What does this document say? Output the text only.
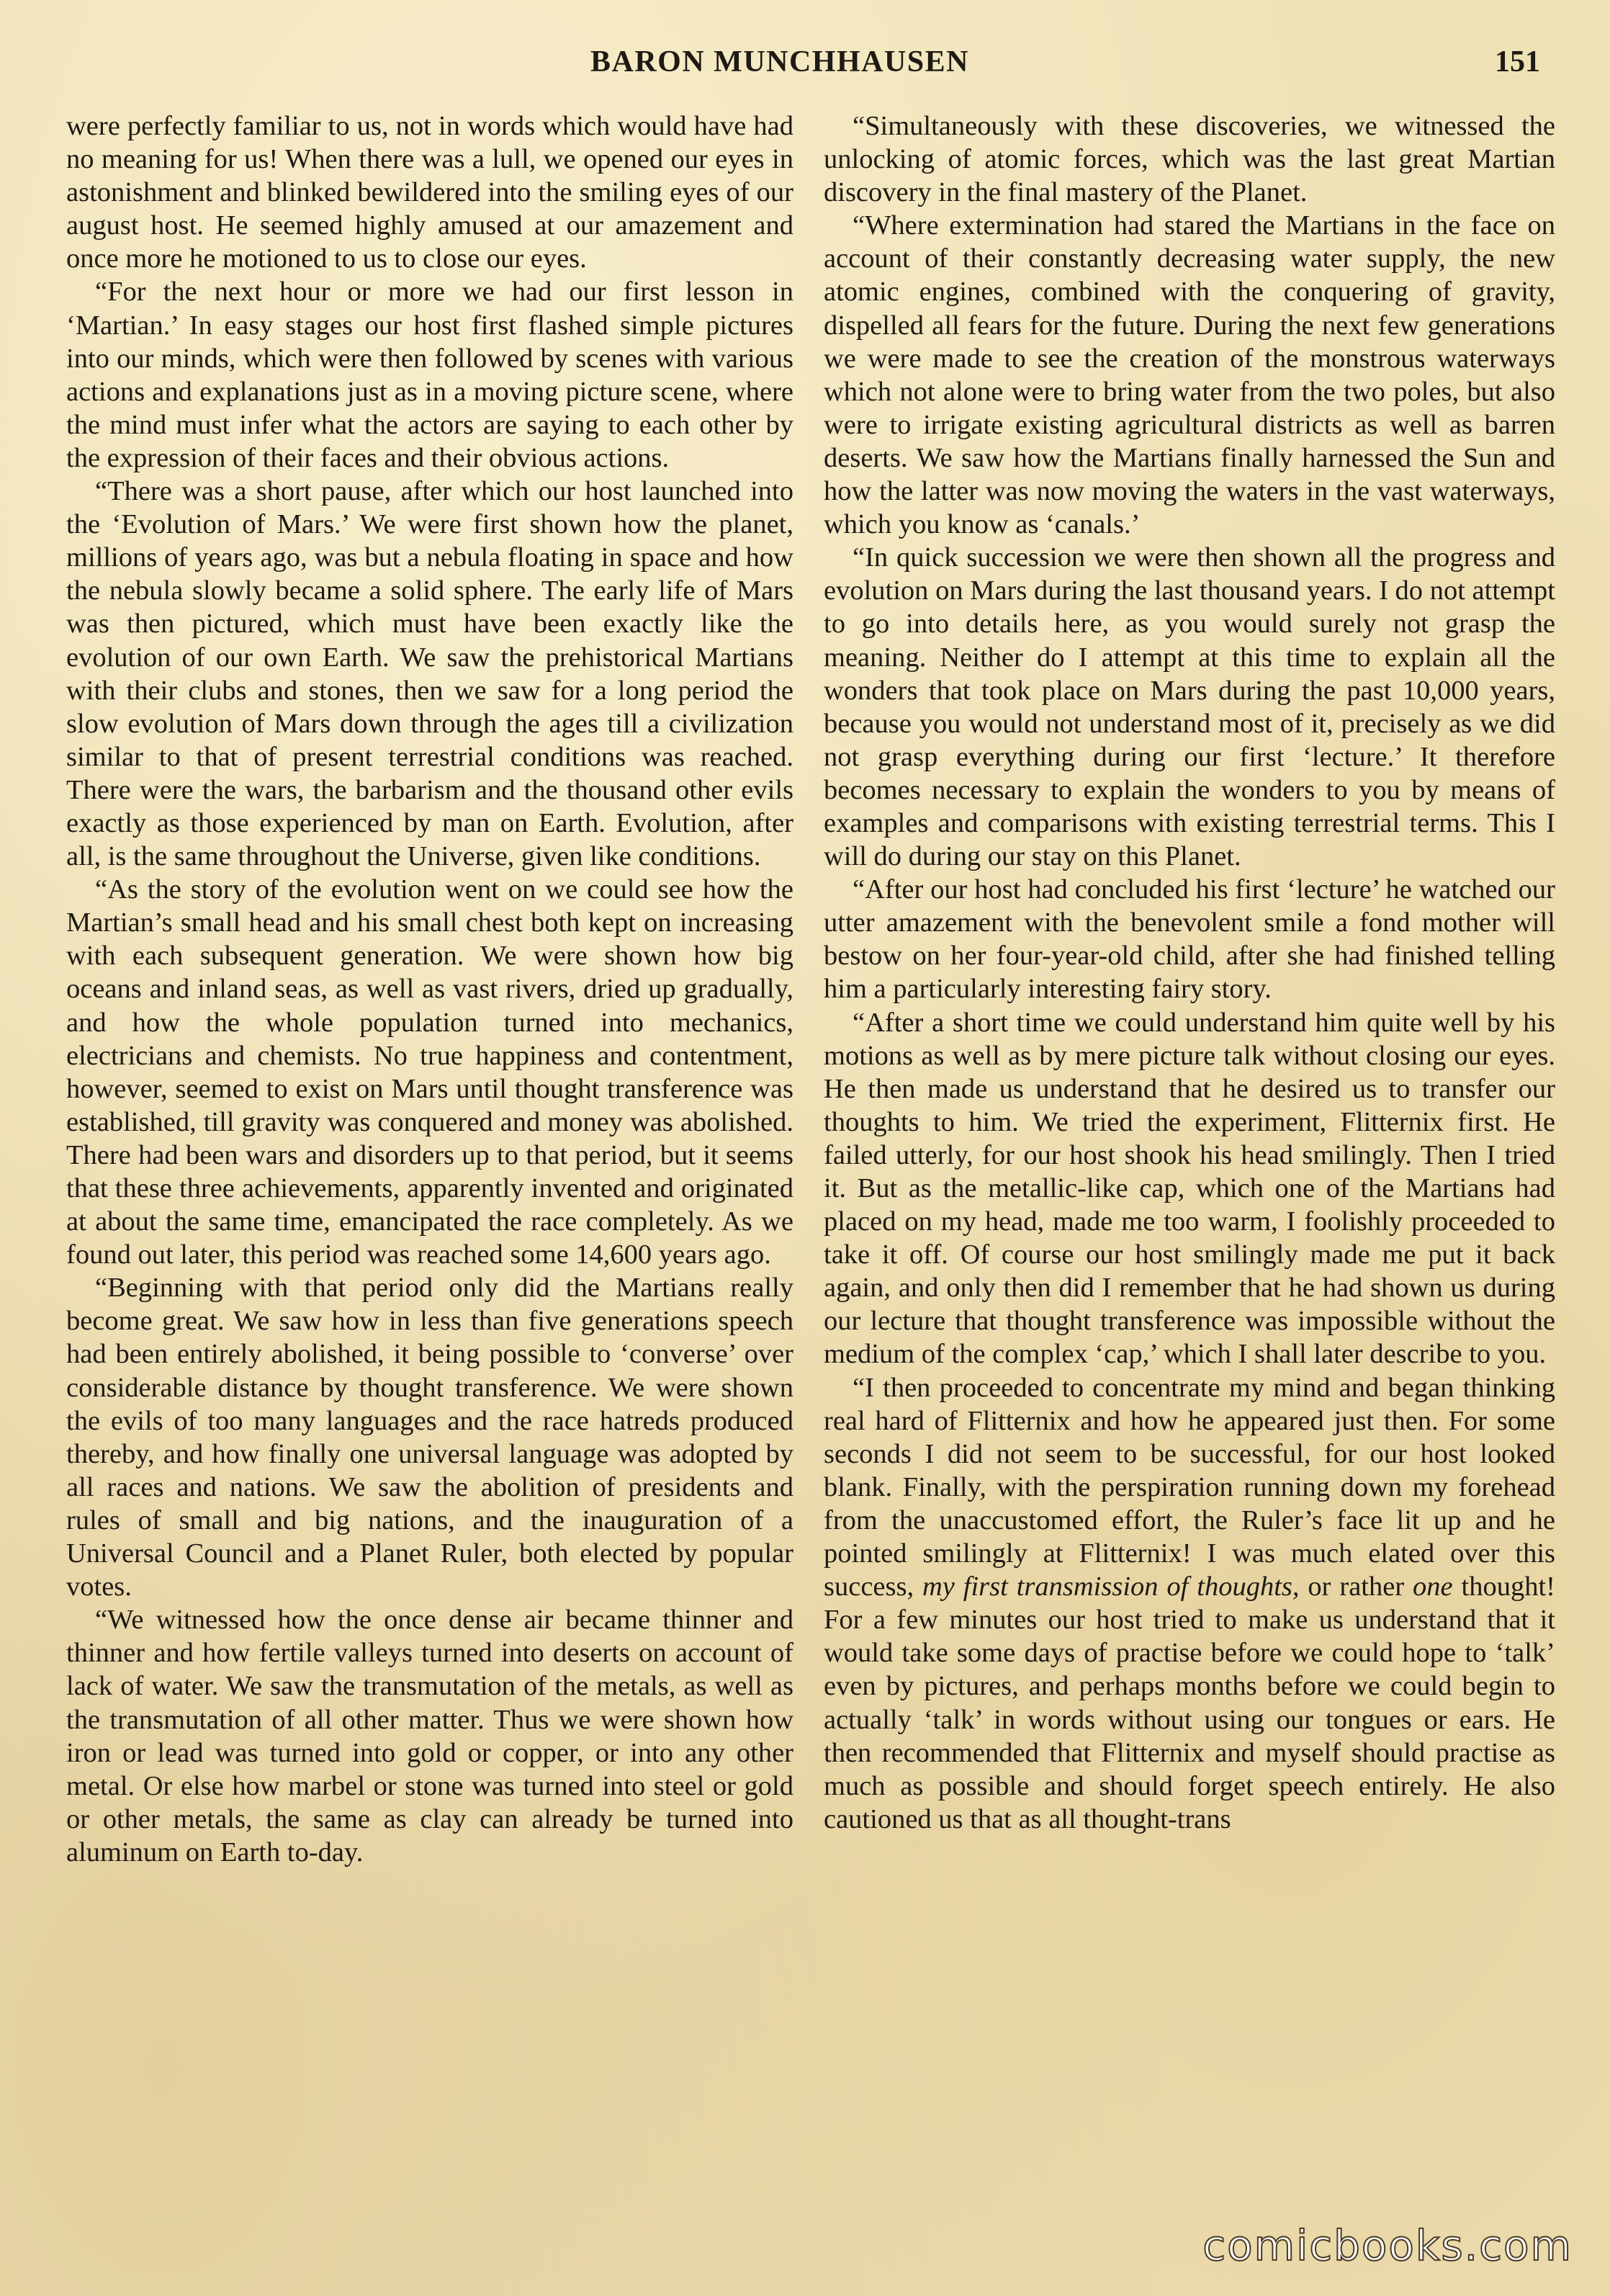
BARON MUNCHHAUSEN	151

were perfectly familiar to us, not in words which would have had no meaning for us! When there was a lull, we opened our eyes in astonishment and blinked bewildered into the smiling eyes of our august host. He seemed highly amused at our amazement and once more he motioned to us to close our eyes.

“For the next hour or more we had our first lesson in ‘Martian.’ In easy stages our host first flashed simple pictures into our minds, which were then followed by scenes with various actions and explanations just as in a moving picture scene, where the mind must infer what the actors are saying to each other by the expression of their faces and their obvious actions.

“There was a short pause, after which our host launched into the ‘Evolution of Mars.’ We were first shown how the planet, millions of years ago, was but a nebula floating in space and how the nebula slowly became a solid sphere. The early life of Mars was then pictured, which must have been exactly like the evolution of our own Earth. We saw the prehistorical Martians with their clubs and stones, then we saw for a long period the slow evolution of Mars down through the ages till a civilization similar to that of present terrestrial conditions was reached. There were the wars, the barbarism and the thousand other evils exactly as those experienced by man on Earth. Evolution, after all, is the same throughout the Universe, given like conditions.

“As the story of the evolution went on we could see how the Martian’s small head and his small chest both kept on increasing with each subsequent generation. We were shown how big oceans and inland seas, as well as vast rivers, dried up gradually, and how the whole population turned into mechanics, electricians and chemists. No true happiness and contentment, however, seemed to exist on Mars until thought transference was established, till gravity was conquered and money was abolished. There had been wars and disorders up to that period, but it seems that these three achievements, apparently invented and originated at about the same time, emancipated the race completely. As we found out later, this period was reached some 14,600 years ago.

“Beginning with that period only did the Martians really become great. We saw how in less than five generations speech had been entirely abolished, it being possible to ‘converse’ over considerable distance by thought transference. We were shown the evils of too many languages and the race hatreds produced thereby, and how finally one universal language was adopted by all races and nations. We saw the abolition of presidents and rules of small and big nations, and the inauguration of a Universal Council and a Planet Ruler, both elected by popular votes.

“We witnessed how the once dense air became thinner and thinner and how fertile valleys turned into deserts on account of lack of water. We saw the transmutation of the metals, as well as the transmutation of all other matter. Thus we were shown how iron or lead was turned into gold or copper, or into any other metal. Or else how marbel or stone was turned into steel or gold or other metals, the same as clay can already be turned into aluminum on Earth to-day.

“Simultaneously with these discoveries, we witnessed the unlocking of atomic forces, which was the last great Martian discovery in the final mastery of the Planet.

“Where extermination had stared the Martians in the face on account of their constantly decreasing water supply, the new atomic engines, combined with the conquering of gravity, dispelled all fears for the future. During the next few generations we were made to see the creation of the monstrous waterways which not alone were to bring water from the two poles, but also were to irrigate existing agricultural districts as well as barren deserts. We saw how the Martians finally harnessed the Sun and how the latter was now moving the waters in the vast waterways, which you know as ‘canals.’

“In quick succession we were then shown all the progress and evolution on Mars during the last thousand years. I do not attempt to go into details here, as you would surely not grasp the meaning. Neither do I attempt at this time to explain all the wonders that took place on Mars during the past 10,000 years, because you would not understand most of it, precisely as we did not grasp everything during our first ‘lecture.’ It therefore becomes necessary to explain the wonders to you by means of examples and comparisons with existing terrestrial terms. This I will do during our stay on this Planet.

“After our host had concluded his first ‘lecture’ he watched our utter amazement with the benevolent smile a fond mother will bestow on her four-year-old child, after she had finished telling him a particularly interesting fairy story.

“After a short time we could understand him quite well by his motions as well as by mere picture talk without closing our eyes. He then made us understand that he desired us to transfer our thoughts to him. We tried the experiment, Flitternix first. He failed utterly, for our host shook his head smilingly. Then I tried it. But as the metallic-like cap, which one of the Martians had placed on my head, made me too warm, I foolishly proceeded to take it off. Of course our host smilingly made me put it back again, and only then did I remember that he had shown us during our lecture that thought transference was impossible without the medium of the complex ‘cap,’ which I shall later describe to you.

“I then proceeded to concentrate my mind and began thinking real hard of Flitternix and how he appeared just then. For some seconds I did not seem to be successful, for our host looked blank. Finally, with the perspiration running down my forehead from the unaccustomed effort, the Ruler’s face lit up and he pointed smilingly at Flitternix! I was much elated over this success, my first transmission of thoughts, or rather one thought! For a few minutes our host tried to make us understand that it would take some days of practise before we could hope to ‘talk’ even by pictures, and perhaps months before we could begin to actually ‘talk’ in words without using our tongues or ears. He then recommended that Flitternix and myself should practise as much as possible and should forget speech entirely. He also cautioned us that as all thought-trans

comicbooks.com
